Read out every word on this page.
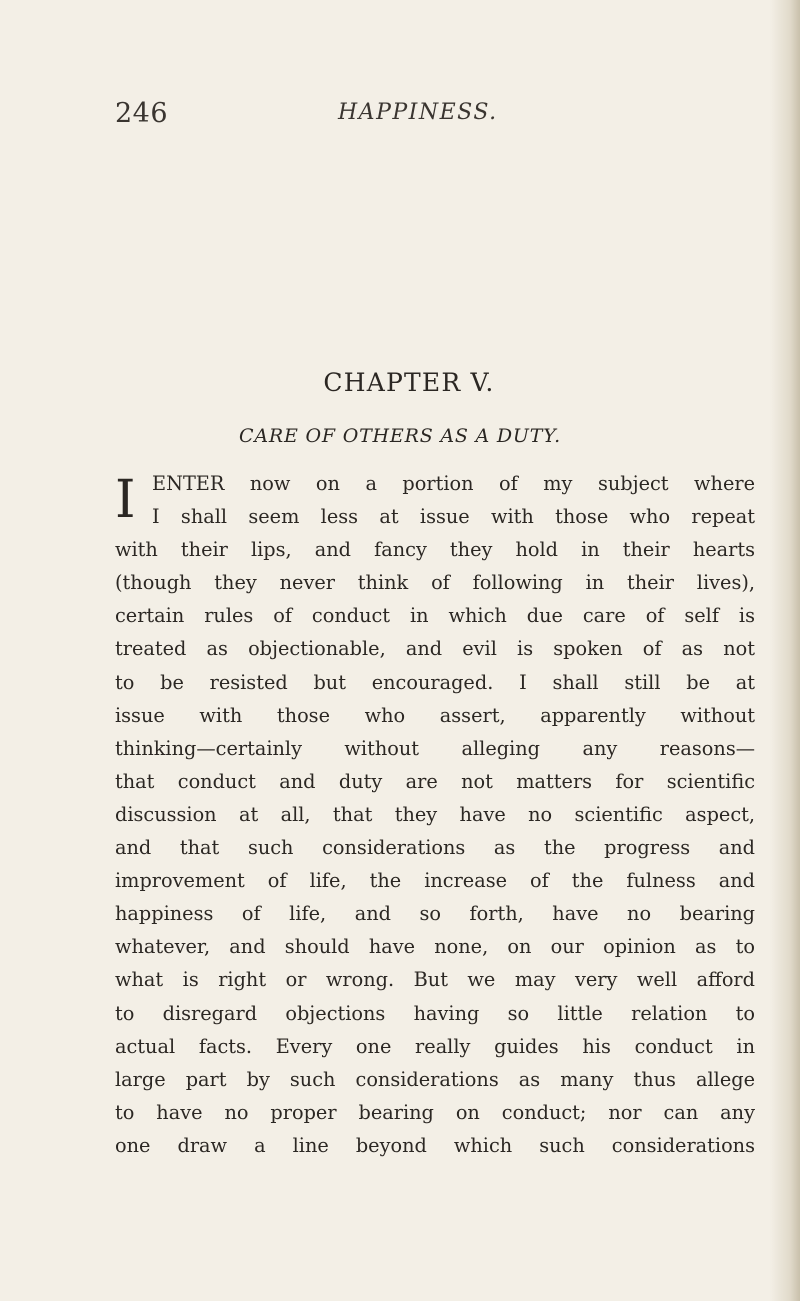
246	HAPPINESS.
CHAPTER V.
CARE OF OTHERS AS A DUTY.
I ENTER now on a portion of my subject where
I shall seem less at issue with those who repeat
with their lips, and fancy they hold in their hearts
(though they never think of following in their lives),
certain rules of conduct in which due care of self is
treated as objectionable, and evil is spoken of as not
to be resisted but encouraged. I shall still be at
issue with those who assert, apparently without
thinking—certainly without alleging any reasons—
that conduct and duty are not matters for scientific
discussion at all, that they have no scientific aspect,
and that such considerations as the progress and
improvement of life, the increase of the fulness and
happiness of life, and so forth, have no bearing
whatever, and should have none, on our opinion as to
what is right or wrong. But we may very well afford
to disregard objections having so little relation to
actual facts. Every one really guides his conduct in
large part by such considerations as many thus allege
to have no proper bearing on conduct; nor can any
one draw a line beyond which such considerations
